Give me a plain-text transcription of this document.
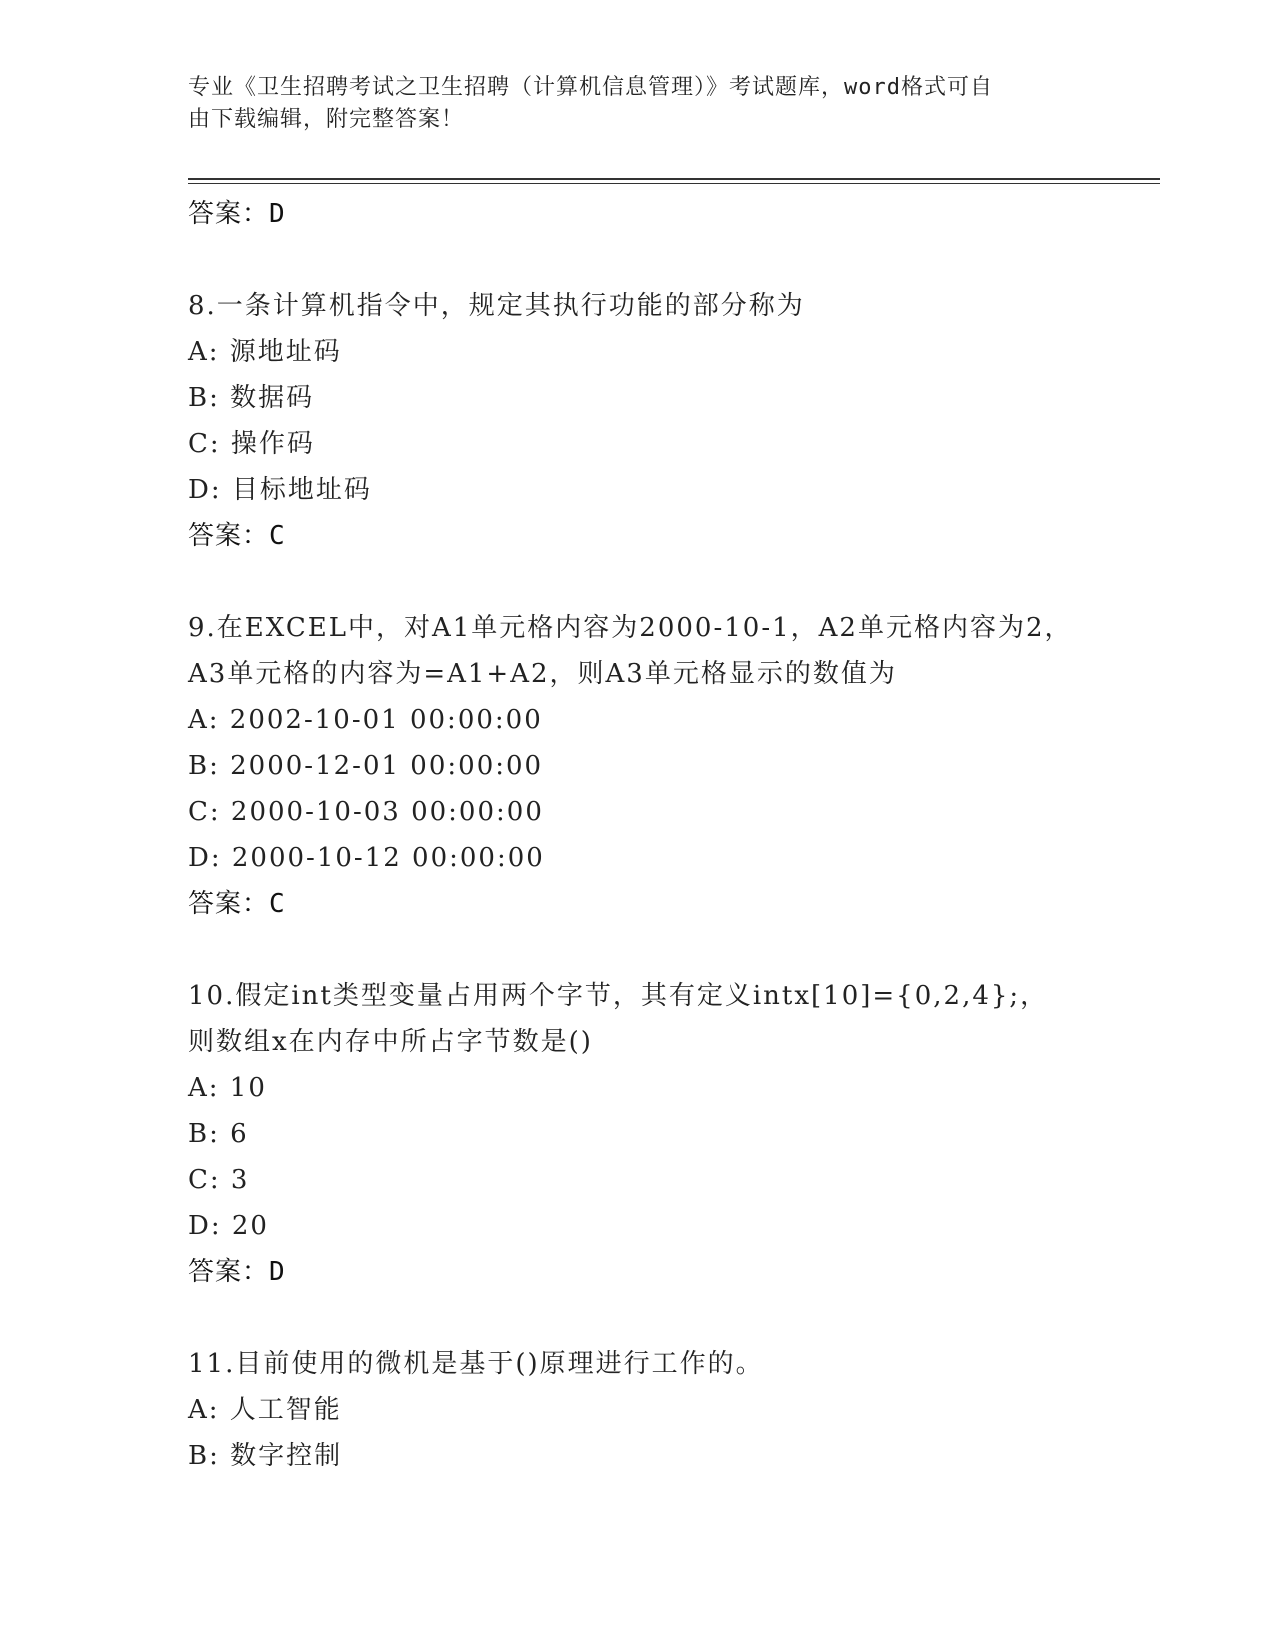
专业《卫生招聘考试之卫生招聘（计算机信息管理）》考试题库，word格式可自
由下载编辑，附完整答案！
答案：D
8.一条计算机指令中，规定其执行功能的部分称为
A: 源地址码
B: 数据码
C: 操作码
D: 目标地址码
答案：C
9.在EXCEL中，对A1单元格内容为2000-10-1，A2单元格内容为2，
A3单元格的内容为=A1+A2，则A3单元格显示的数值为
A: 2002-10-01 00:00:00
B: 2000-12-01 00:00:00
C: 2000-10-03 00:00:00
D: 2000-10-12 00:00:00
答案：C
10.假定int类型变量占用两个字节，其有定义intx[10]={0,2,4};，
则数组x在内存中所占字节数是()
A: 10
B: 6
C: 3
D: 20
答案：D
11.目前使用的微机是基于()原理进行工作的。
A: 人工智能
B: 数字控制
